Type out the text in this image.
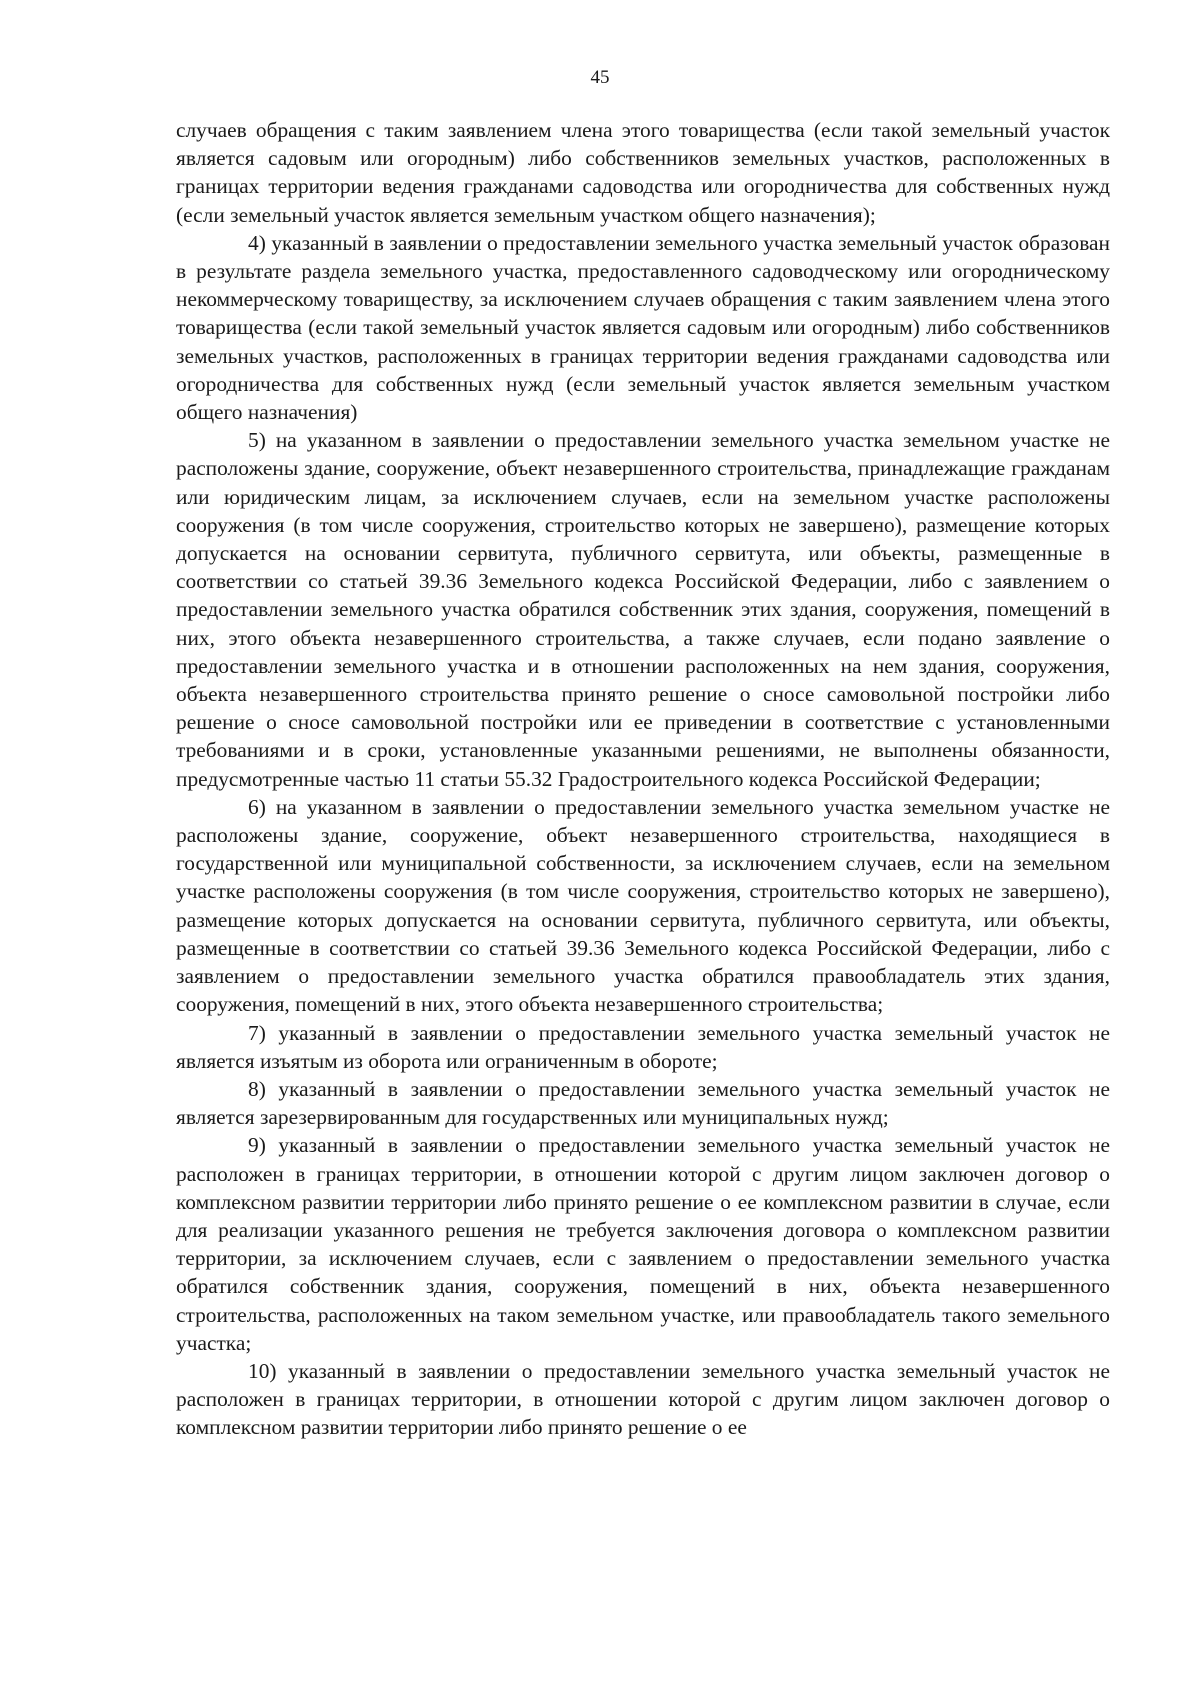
45

случаев обращения с таким заявлением члена этого товарищества (если такой земельный участок является садовым или огородным) либо собственников земельных участков, расположенных в границах территории ведения гражданами садоводства или огородничества для собственных нужд (если земельный участок является земельным участком общего назначения);

4) указанный в заявлении о предоставлении земельного участка земельный участок образован в результате раздела земельного участка, предоставленного садоводческому или огородническому некоммерческому товариществу, за исключением случаев обращения с таким заявлением члена этого товарищества (если такой земельный участок является садовым или огородным) либо собственников земельных участков, расположенных в границах территории ведения гражданами садоводства или огородничества для собственных нужд (если земельный участок является земельным участком общего назначения)

5) на указанном в заявлении о предоставлении земельного участка земельном участке не расположены здание, сооружение, объект незавершенного строительства, принадлежащие гражданам или юридическим лицам, за исключением случаев, если на земельном участке расположены сооружения (в том числе сооружения, строительство которых не завершено), размещение которых допускается на основании сервитута, публичного сервитута, или объекты, размещенные в соответствии со статьей 39.36 Земельного кодекса Российской Федерации, либо с заявлением о предоставлении земельного участка обратился собственник этих здания, сооружения, помещений в них, этого объекта незавершенного строительства, а также случаев, если подано заявление о предоставлении земельного участка и в отношении расположенных на нем здания, сооружения, объекта незавершенного строительства принято решение о сносе самовольной постройки либо решение о сносе самовольной постройки или ее приведении в соответствие с установленными требованиями и в сроки, установленные указанными решениями, не выполнены обязанности, предусмотренные частью 11 статьи 55.32 Градостроительного кодекса Российской Федерации;

6) на указанном в заявлении о предоставлении земельного участка земельном участке не расположены здание, сооружение, объект незавершенного строительства, находящиеся в государственной или муниципальной собственности, за исключением случаев, если на земельном участке расположены сооружения (в том числе сооружения, строительство которых не завершено), размещение которых допускается на основании сервитута, публичного сервитута, или объекты, размещенные в соответствии со статьей 39.36 Земельного кодекса Российской Федерации, либо с заявлением о предоставлении земельного участка обратился правообладатель этих здания, сооружения, помещений в них, этого объекта незавершенного строительства;

7) указанный в заявлении о предоставлении земельного участка земельный участок не является изъятым из оборота или ограниченным в обороте;

8) указанный в заявлении о предоставлении земельного участка земельный участок не является зарезервированным для государственных или муниципальных нужд;

9) указанный в заявлении о предоставлении земельного участка земельный участок не расположен в границах территории, в отношении которой с другим лицом заключен договор о комплексном развитии территории либо принято решение о ее комплексном развитии в случае, если для реализации указанного решения не требуется заключения договора о комплексном развитии территории, за исключением случаев, если с заявлением о предоставлении земельного участка обратился собственник здания, сооружения, помещений в них, объекта незавершенного строительства, расположенных на таком земельном участке, или правообладатель такого земельного участка;

10) указанный в заявлении о предоставлении земельного участка земельный участок не расположен в границах территории, в отношении которой с другим лицом заключен договор о комплексном развитии территории либо принято решение о ее
